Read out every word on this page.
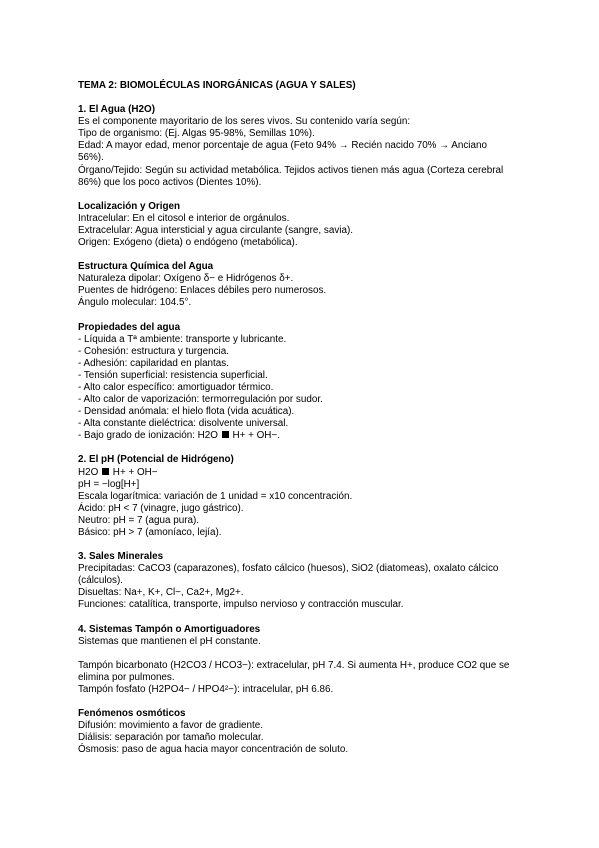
TEMA 2: BIOMOLÉCULAS INORGÁNICAS (AGUA Y SALES)
1. El Agua (H2O)
Es el componente mayoritario de los seres vivos. Su contenido varía según:
Tipo de organismo: (Ej. Algas 95-98%, Semillas 10%).
Edad: A mayor edad, menor porcentaje de agua (Feto 94% → Recién nacido 70% → Anciano
56%).
Órgano/Tejido: Según su actividad metabólica. Tejidos activos tienen más agua (Corteza cerebral
86%) que los poco activos (Dientes 10%).
Localización y Origen
Intracelular: En el citosol e interior de orgánulos.
Extracelular: Agua intersticial y agua circulante (sangre, savia).
Origen: Exógeno (dieta) o endógeno (metabólica).
Estructura Química del Agua
Naturaleza dipolar: Oxígeno δ− e Hidrógenos δ+.
Puentes de hidrógeno: Enlaces débiles pero numerosos.
Ángulo molecular: 104.5°.
Propiedades del agua
- Líquida a Tª ambiente: transporte y lubricante.
- Cohesión: estructura y turgencia.
- Adhesión: capilaridad en plantas.
- Tensión superficial: resistencia superficial.
- Alto calor específico: amortiguador térmico.
- Alto calor de vaporización: termorregulación por sudor.
- Densidad anómala: el hielo flota (vida acuática).
- Alta constante dieléctrica: disolvente universal.
- Bajo grado de ionización: H2O  H+ + OH−.
2. El pH (Potencial de Hidrógeno)
H2O  H+ + OH−
pH = −log[H+]
Escala logarítmica: variación de 1 unidad = x10 concentración.
Ácido: pH < 7 (vinagre, jugo gástrico).
Neutro: pH = 7 (agua pura).
Básico: pH > 7 (amoníaco, lejía).
3. Sales Minerales
Precipitadas: CaCO3 (caparazones), fosfato cálcico (huesos), SiO2 (diatomeas), oxalato cálcico
(cálculos).
Disueltas: Na+, K+, Cl−, Ca2+, Mg2+.
Funciones: catalítica, transporte, impulso nervioso y contracción muscular.
4. Sistemas Tampón o Amortiguadores
Sistemas que mantienen el pH constante.
Tampón bicarbonato (H2CO3 / HCO3−): extracelular, pH 7.4. Si aumenta H+, produce CO2 que se
elimina por pulmones.
Tampón fosfato (H2PO4− / HPO4²−): intracelular, pH 6.86.
Fenómenos osmóticos
Difusión: movimiento a favor de gradiente.
Diálisis: separación por tamaño molecular.
Ósmosis: paso de agua hacia mayor concentración de soluto.
